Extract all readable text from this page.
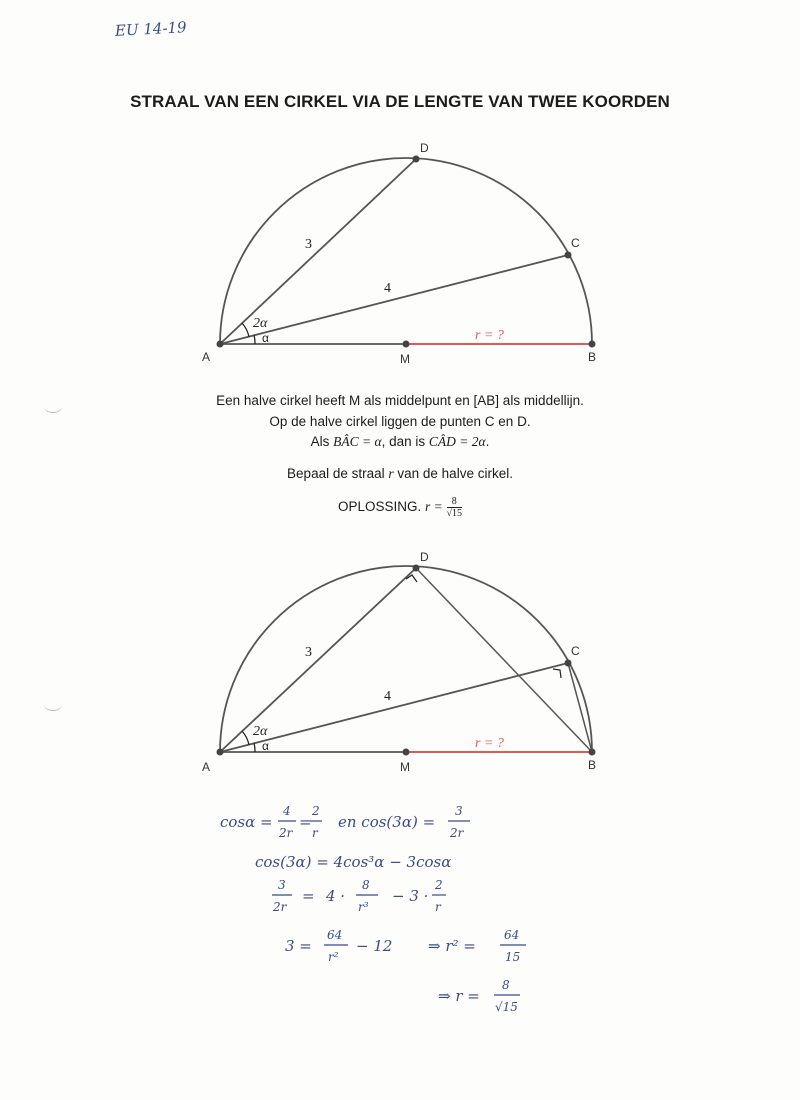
EU 14-19
STRAAL VAN EEN CIRKEL VIA DE LENGTE VAN TWEE KOORDEN
A	M	B
C
D
3
4
2α
α	r = ?
Een halve cirkel heeft M als middelpunt en [AB] als middellijn.
Op de halve cirkel liggen de punten C en D.
Als BÂC = α, dan is CÂD = 2α.
Bepaal de straal r van de halve cirkel.
OPLOSSING. $r = \frac{8}{√15}$
A	M	B
C
D
3
4
2α
α	r = ?
cosα =
4
2r
=
2
r
en cos(3α) =
3
2r
cos(3α) = 4cos³α − 3cosα
3
2r
= 4 ·
8
r³
− 3 ·
2
r
3 =
64
r²
− 12 ⇒ r² =
64
15
⇒ r =
8
√15
